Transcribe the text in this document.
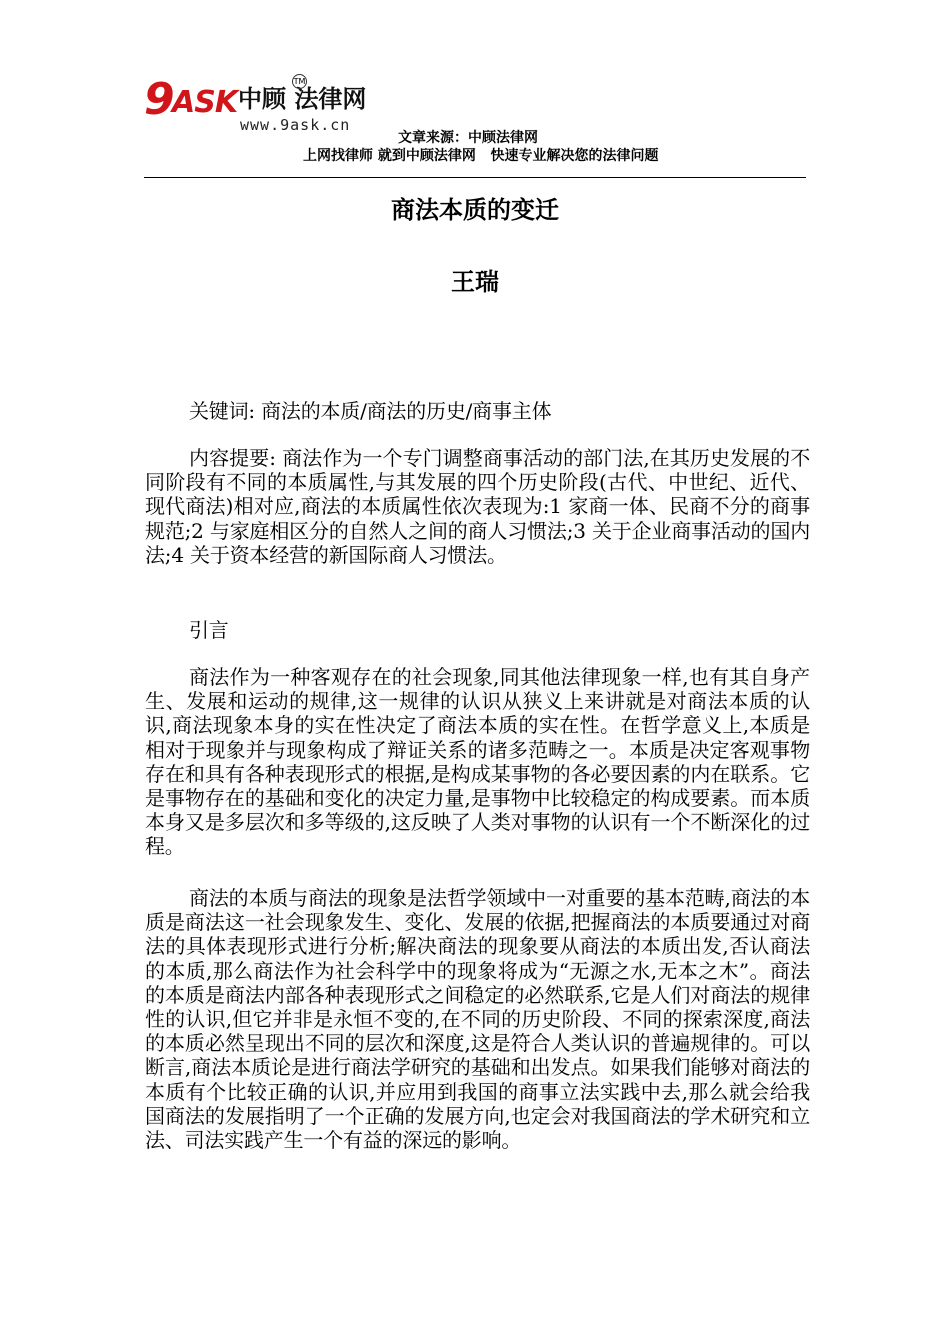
9 ASK 中顾 法律网
TM
www.9ask.cn
文章来源：中顾法律网
上网找律师 就到中顾法律网   快速专业解决您的法律问题
商法本质的变迁
王瑞
关键词: 商法的本质/商法的历史/商事主体
内容提要: 商法作为一个专门调整商事活动的部门法,在其历史发展的不同阶段有不同的本质属性,与其发展的四个历史阶段(古代、中世纪、近代、现代商法)相对应,商法的本质属性依次表现为:1 家商一体、民商不分的商事规范;2 与家庭相区分的自然人之间的商人习惯法;3 关于企业商事活动的国内法;4 关于资本经营的新国际商人习惯法。
引言
商法作为一种客观存在的社会现象,同其他法律现象一样,也有其自身产生、发展和运动的规律,这一规律的认识从狭义上来讲就是对商法本质的认识,商法现象本身的实在性决定了商法本质的实在性。在哲学意义上,本质是相对于现象并与现象构成了辩证关系的诸多范畴之一。本质是决定客观事物存在和具有各种表现形式的根据,是构成某事物的各必要因素的内在联系。它是事物存在的基础和变化的决定力量,是事物中比较稳定的构成要素。而本质本身又是多层次和多等级的,这反映了人类对事物的认识有一个不断深化的过程。
商法的本质与商法的现象是法哲学领域中一对重要的基本范畴,商法的本质是商法这一社会现象发生、变化、发展的依据,把握商法的本质要通过对商法的具体表现形式进行分析;解决商法的现象要从商法的本质出发,否认商法的本质,那么商法作为社会科学中的现象将成为“无源之水,无本之木”。商法的本质是商法内部各种表现形式之间稳定的必然联系,它是人们对商法的规律性的认识,但它并非是永恒不变的,在不同的历史阶段、不同的探索深度,商法的本质必然呈现出不同的层次和深度,这是符合人类认识的普遍规律的。可以断言,商法本质论是进行商法学研究的基础和出发点。如果我们能够对商法的本质有个比较正确的认识,并应用到我国的商事立法实践中去,那么就会给我国商法的发展指明了一个正确的发展方向,也定会对我国商法的学术研究和立法、司法实践产生一个有益的深远的影响。
